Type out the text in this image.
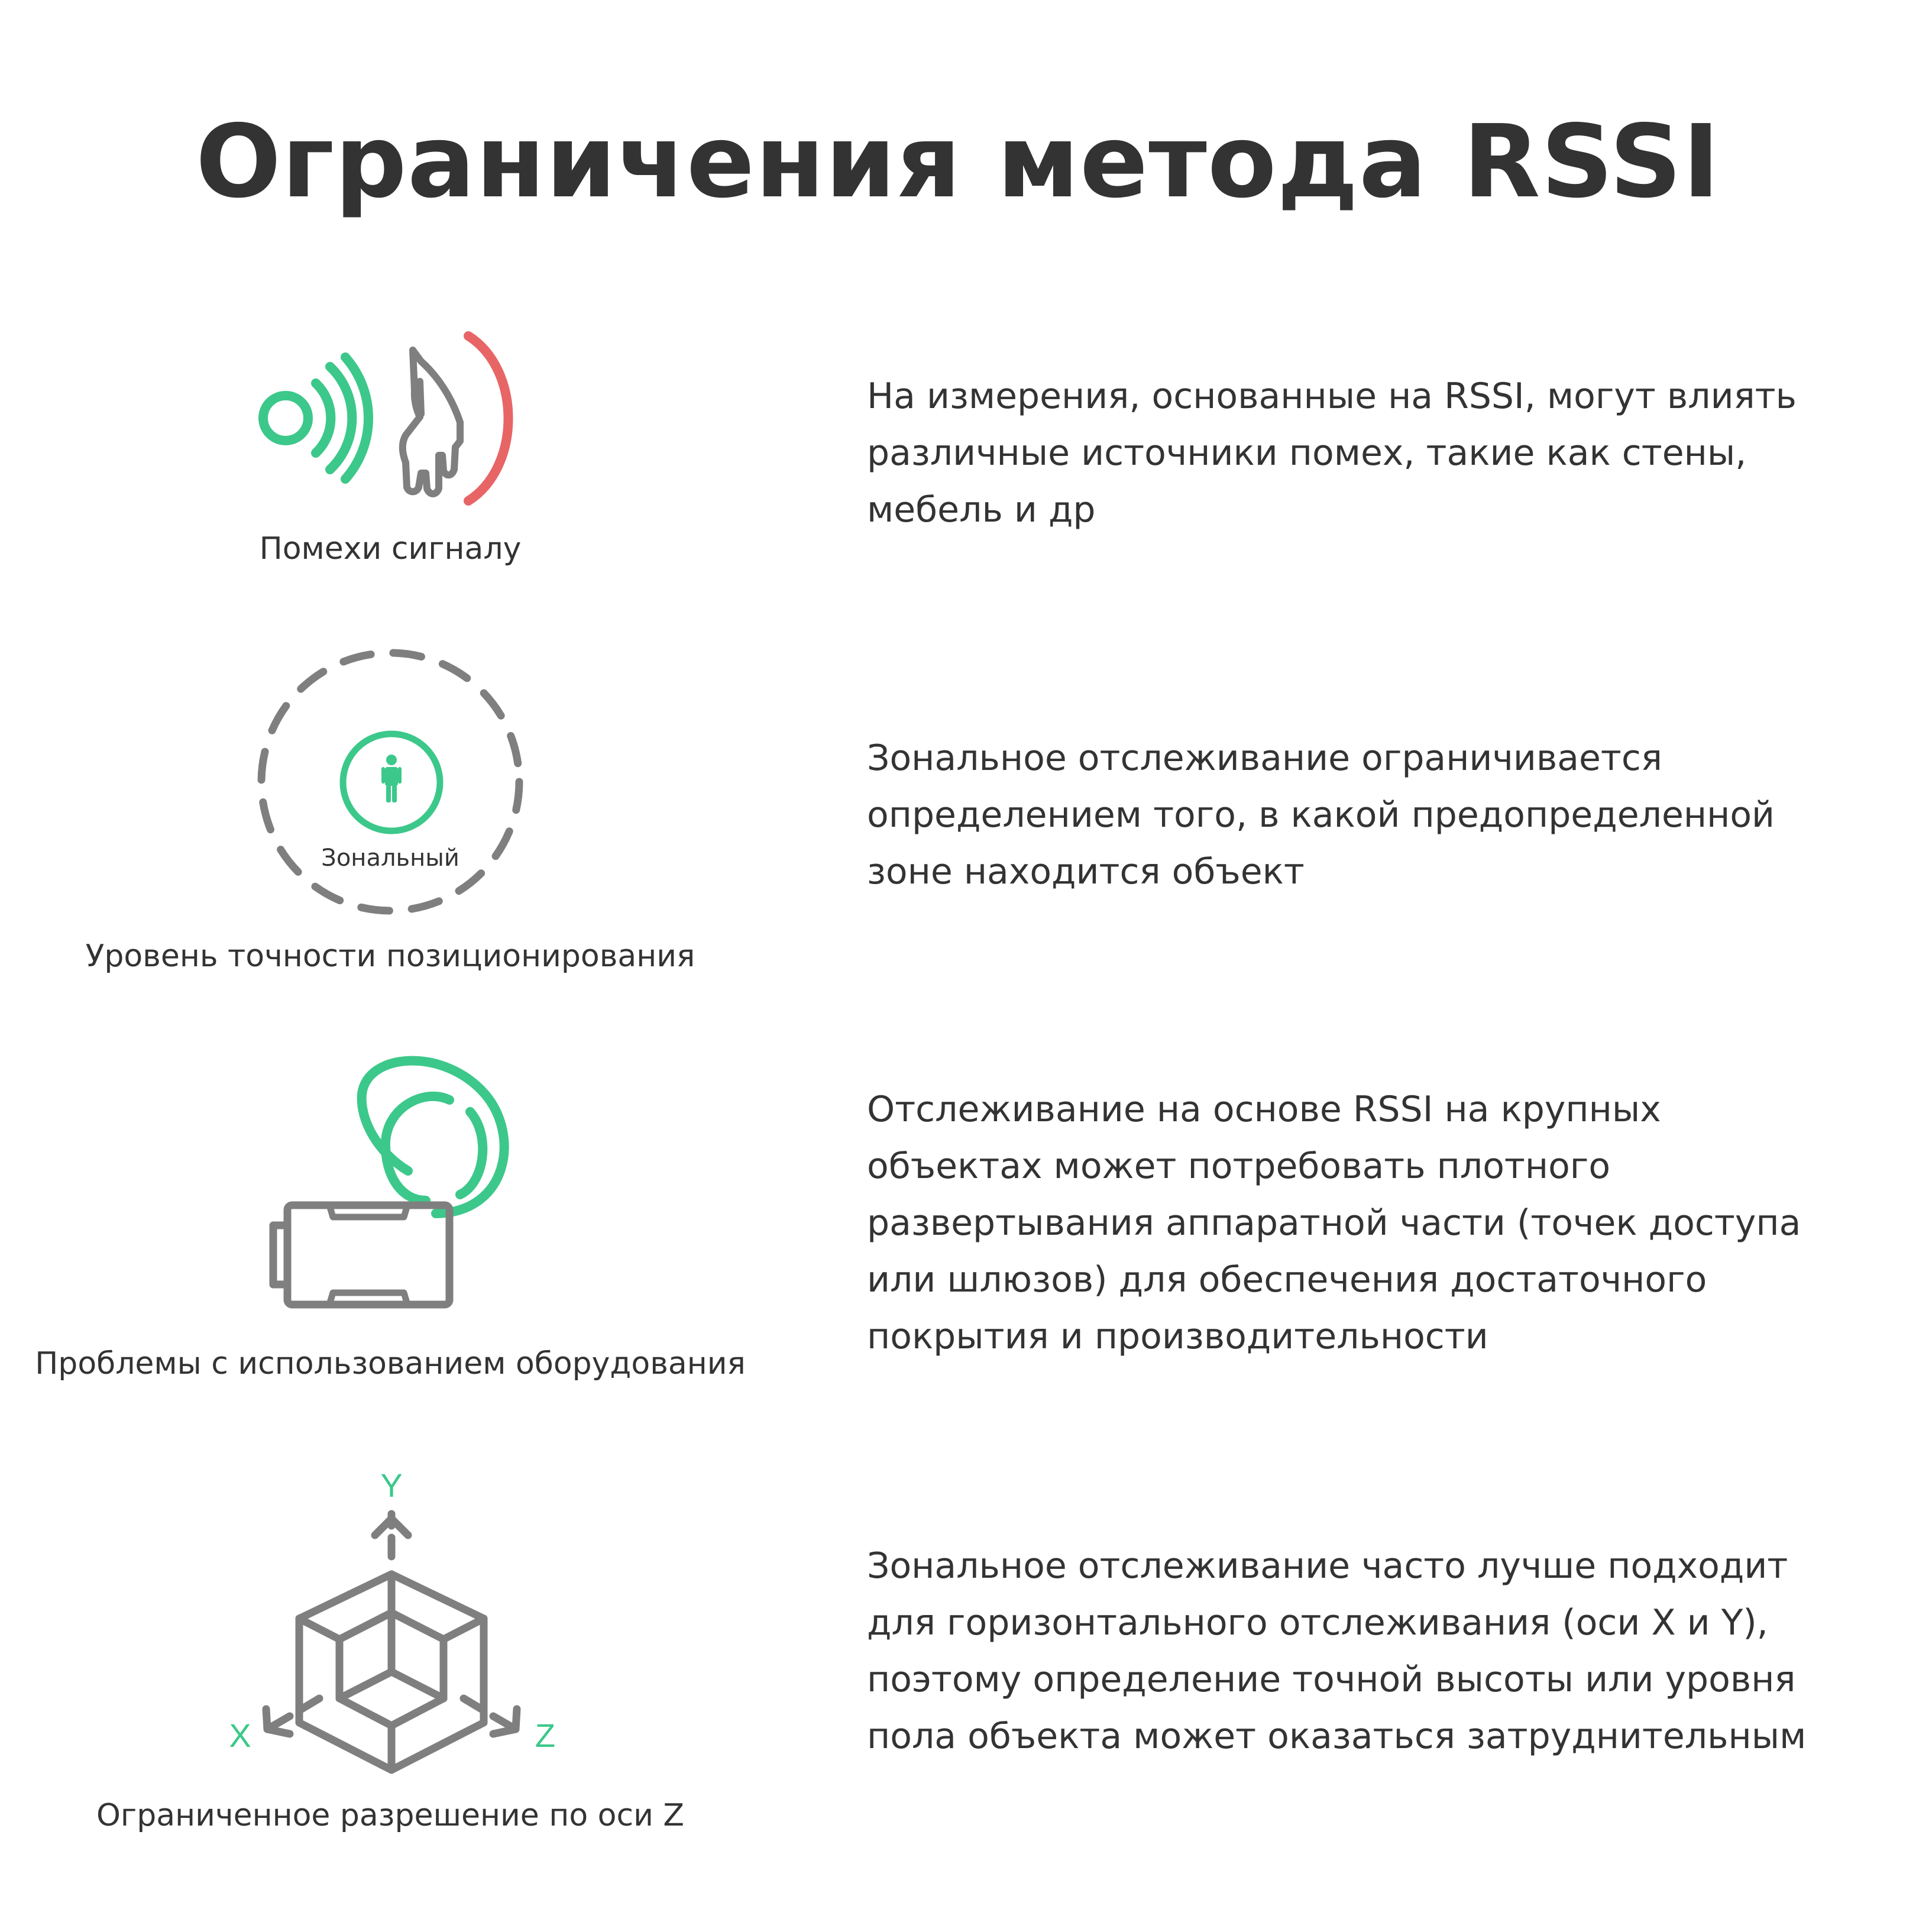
Ограничения метода RSSI
Помехи сигналу
На измерения, основанные на RSSI, могут влиять
различные источники помех, такие как стены,
мебель и др
Зональный
Уровень точности позиционирования
Зональное отслеживание ограничивается
определением того, в какой предопределенной
зоне находится объект
Проблемы с использованием оборудования
Отслеживание на основе RSSI на крупных
объектах может потребовать плотного
развертывания аппаратной части (точек доступа
или шлюзов) для обеспечения достаточного
покрытия и производительности
Y
X	Z
Ограниченное разрешение по оси Z
Зональное отслеживание часто лучше подходит
для горизонтального отслеживания (оси X и Y),
поэтому определение точной высоты или уровня
пола объекта может оказаться затруднительным
